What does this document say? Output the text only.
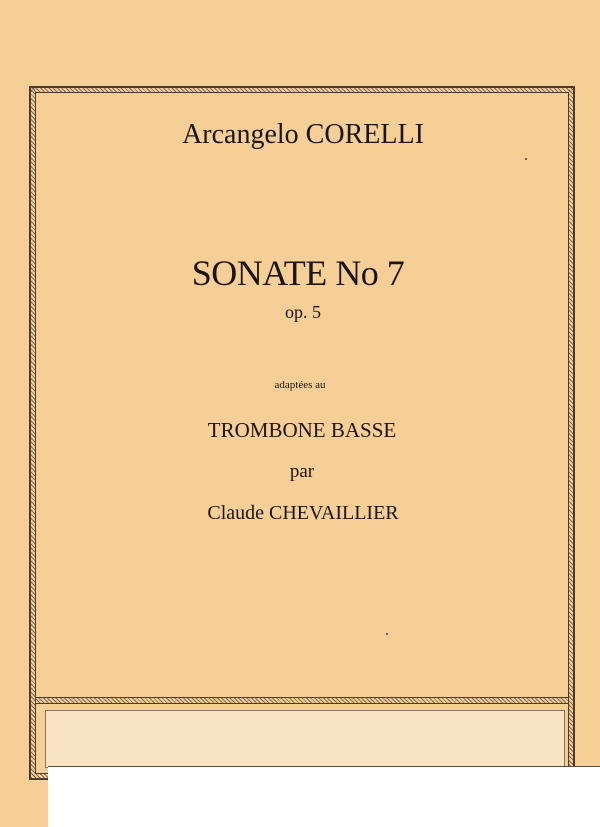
Arcangelo CORELLI
SONATE No 7
op. 5
adaptées au
TROMBONE BASSE
par
Claude CHEVAILLIER
